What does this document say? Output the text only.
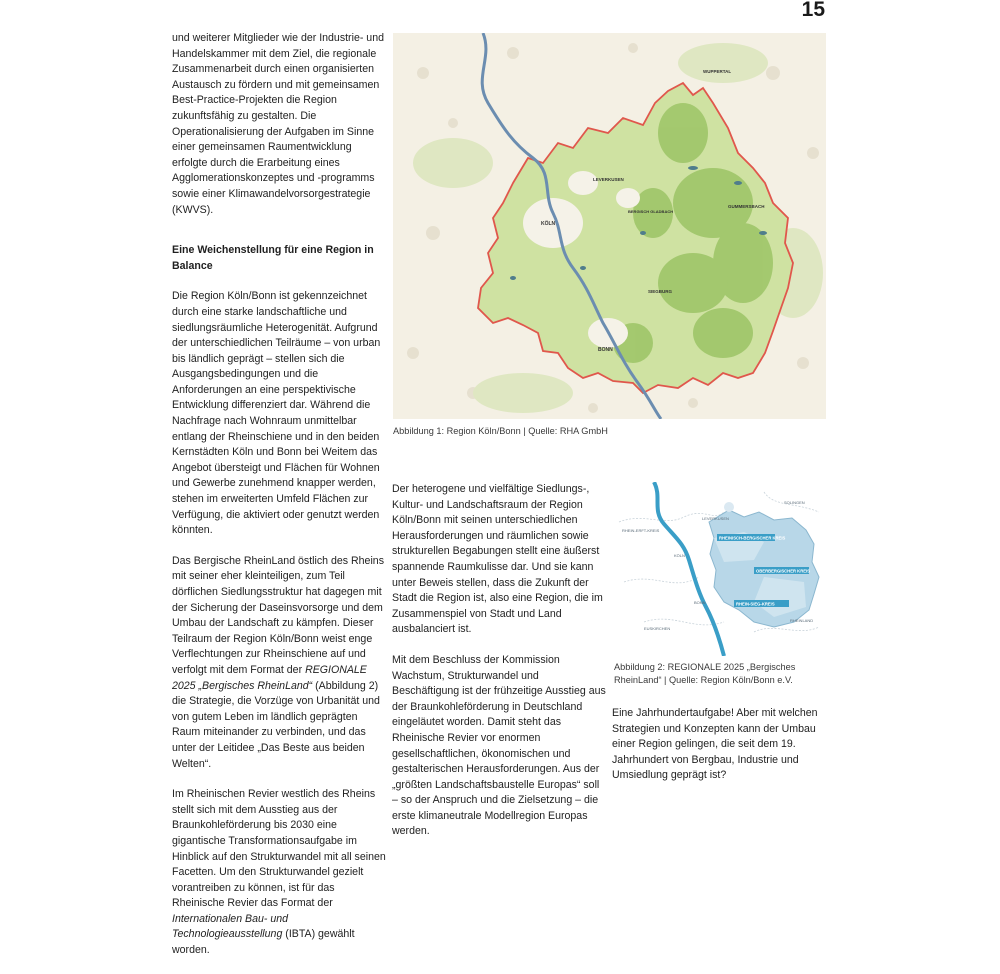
15

und weiterer Mitglieder wie der Industrie- und Handelskammer mit dem Ziel, die regionale Zusammenarbeit durch einen organisierten Austausch zu fördern und mit gemeinsamen Best-Practice-Projekten die Region zukunftsfähig zu gestalten. Die Operationalisierung der Aufgaben im Sinne einer gemeinsamen Raumentwicklung erfolgte durch die Erarbeitung eines Agglomerationskonzeptes und -programms sowie einer Klimawandelvorsorgestrategie (KWVS).

Eine Weichenstellung für eine Region in Balance

Die Region Köln/Bonn ist gekennzeichnet durch eine starke landschaftliche und siedlungsräumliche Heterogenität. Aufgrund der unterschiedlichen Teilräume – von urban bis ländlich geprägt – stellen sich die Ausgangsbedingungen und die Anforderungen an eine perspektivische Entwicklung differenziert dar. Während die Nachfrage nach Wohnraum unmittelbar entlang der Rheinschiene und in den beiden Kernstädten Köln und Bonn bei Weitem das Angebot übersteigt und Flächen für Wohnen und Gewerbe zunehmend knapper werden, stehen im erweiterten Umfeld Flächen zur Verfügung, die aktiviert oder genutzt werden könnten.

Das Bergische RheinLand östlich des Rheins mit seiner eher kleinteiligen, zum Teil dörflichen Siedlungsstruktur hat dagegen mit der Sicherung der Daseinsvorsorge und dem Umbau der Landschaft zu kämpfen. Dieser Teilraum der Region Köln/Bonn weist enge Verflechtungen zur Rheinschiene auf und verfolgt mit dem Format der REGIONALE 2025 „Bergisches RheinLand“ (Abbildung 2) die Strategie, die Vorzüge von Urbanität und von gutem Leben im ländlich geprägten Raum miteinander zu verbinden, und das unter der Leitidee „Das Beste aus beiden Welten“.

Im Rheinischen Revier westlich des Rheins stellt sich mit dem Ausstieg aus der Braunkohleförderung bis 2030 eine gigantische Transformationsaufgabe im Hinblick auf den Strukturwandel mit all seinen Facetten. Um den Strukturwandel gezielt vorantreiben zu können, ist für das Rheinische Revier das Format der Internationalen Bau- und Technologieausstellung (IBTA) gewählt worden.

KÖLN
BONN
LEVERKUSEN
BERGISCH GLADBACH
WUPPERTAL
SIEGBURG
GUMMERSBACH
Abbildung 1: Region Köln/Bonn | Quelle: RHA GmbH

Der heterogene und vielfältige Siedlungs-, Kultur- und Landschaftsraum der Region Köln/Bonn mit seinen unterschiedlichen Herausforderungen und räumlichen sowie strukturellen Begabungen stellt eine äußerst spannende Raumkulisse dar. Und sie kann unter Beweis stellen, dass die Zukunft der Stadt die Region ist, also eine Region, die im Zusammenspiel von Stadt und Land ausbalanciert ist.

Mit dem Beschluss der Kommission Wachstum, Strukturwandel und Beschäftigung ist der frühzeitige Ausstieg aus der Braunkohleförderung in Deutschland eingeläutet worden. Damit steht das Rheinische Revier vor enormen gesellschaftlichen, ökonomischen und gestalterischen Herausforderungen. Aus der „größten Landschaftsbaustelle Europas“ soll – so der Anspruch und die Zielsetzung – die erste klimaneutrale Modellregion Europas werden.

RHEINISCH-BERGISCHER KREIS
OBERBERGISCHER KREIS
RHEIN-SIEG-KREIS
RHEIN-ERFT-KREIS
LEVERKUSEN
KÖLN
BONN
EUSKIRCHEN
SOLINGEN
RHEINLAND
Abbildung 2: REGIONALE 2025 „Bergisches RheinLand“ | Quelle: Region Köln/Bonn e.V.

Eine Jahrhundertaufgabe! Aber mit welchen Strategien und Konzepten kann der Umbau einer Region gelingen, die seit dem 19. Jahrhundert von Bergbau, Industrie und Umsiedlung geprägt ist?
